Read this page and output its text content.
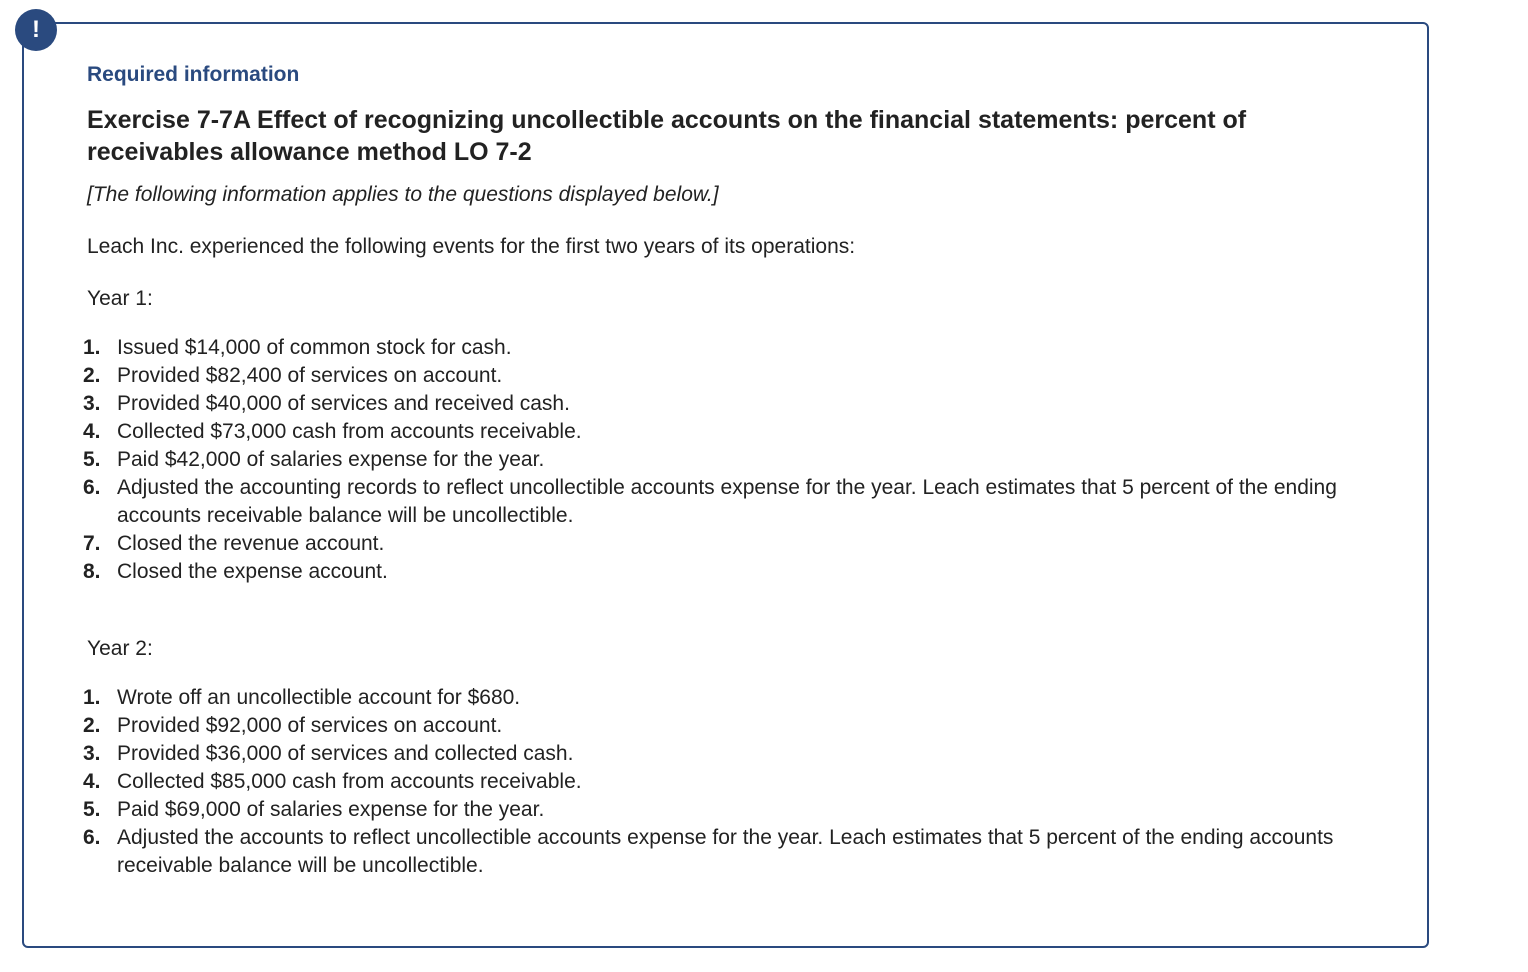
!

Required information

Exercise 7-7A Effect of recognizing uncollectible accounts on the financial statements: percent of receivables allowance method LO 7-2

[The following information applies to the questions displayed below.]

Leach Inc. experienced the following events for the first two years of its operations:

Year 1:

1. Issued $14,000 of common stock for cash.
2. Provided $82,400 of services on account.
3. Provided $40,000 of services and received cash.
4. Collected $73,000 cash from accounts receivable.
5. Paid $42,000 of salaries expense for the year.
6. Adjusted the accounting records to reflect uncollectible accounts expense for the year. Leach estimates that 5 percent of the ending accounts receivable balance will be uncollectible.
7. Closed the revenue account.
8. Closed the expense account.

Year 2:

1. Wrote off an uncollectible account for $680.
2. Provided $92,000 of services on account.
3. Provided $36,000 of services and collected cash.
4. Collected $85,000 cash from accounts receivable.
5. Paid $69,000 of salaries expense for the year.
6. Adjusted the accounts to reflect uncollectible accounts expense for the year. Leach estimates that 5 percent of the ending accounts receivable balance will be uncollectible.
